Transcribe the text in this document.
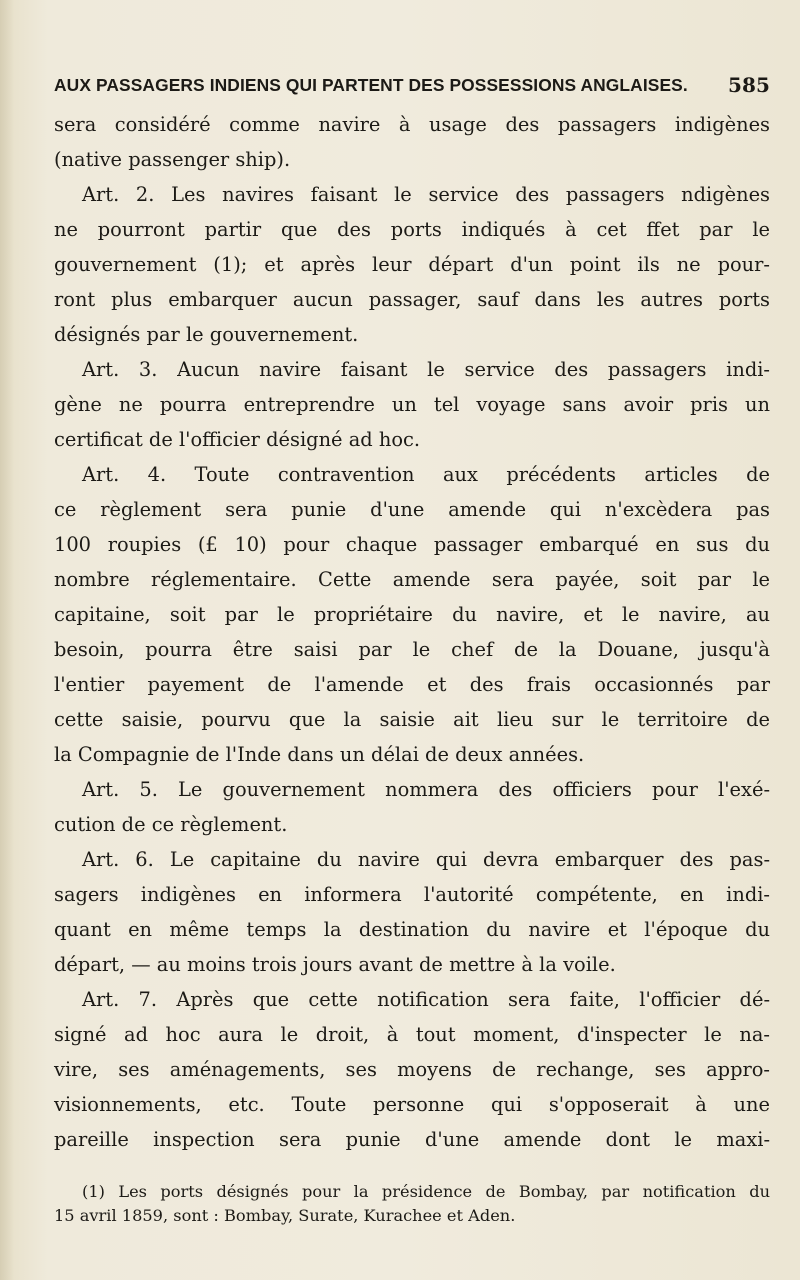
AUX PASSAGERS INDIENS QUI PARTENT DES POSSESSIONS ANGLAISES. 585
sera considéré comme navire à usage des passagers indigènes
(native passenger ship).
Art. 2. Les navires faisant le service des passagers ndigènes
ne pourront partir que des ports indiqués à cet ffet par le
gouvernement (1); et après leur départ d'un point ils ne pour-
ront plus embarquer aucun passager, sauf dans les autres ports
désignés par le gouvernement.
Art. 3. Aucun navire faisant le service des passagers indi-
gène ne pourra entreprendre un tel voyage sans avoir pris un
certificat de l'officier désigné ad hoc.
Art. 4. Toute contravention aux précédents articles de
ce règlement sera punie d'une amende qui n'excèdera pas
100 roupies (£ 10) pour chaque passager embarqué en sus du
nombre réglementaire. Cette amende sera payée, soit par le
capitaine, soit par le propriétaire du navire, et le navire, au
besoin, pourra être saisi par le chef de la Douane, jusqu'à
l'entier payement de l'amende et des frais occasionnés par
cette saisie, pourvu que la saisie ait lieu sur le territoire de
la Compagnie de l'Inde dans un délai de deux années.
Art. 5. Le gouvernement nommera des officiers pour l'exé-
cution de ce règlement.
Art. 6. Le capitaine du navire qui devra embarquer des pas-
sagers indigènes en informera l'autorité compétente, en indi-
quant en même temps la destination du navire et l'époque du
départ, — au moins trois jours avant de mettre à la voile.
Art. 7. Après que cette notification sera faite, l'officier dé-
signé ad hoc aura le droit, à tout moment, d'inspecter le na-
vire, ses aménagements, ses moyens de rechange, ses appro-
visionnements, etc. Toute personne qui s'opposerait à une
pareille inspection sera punie d'une amende dont le maxi-
(1) Les ports désignés pour la présidence de Bombay, par notification du
15 avril 1859, sont : Bombay, Surate, Kurachee et Aden.
